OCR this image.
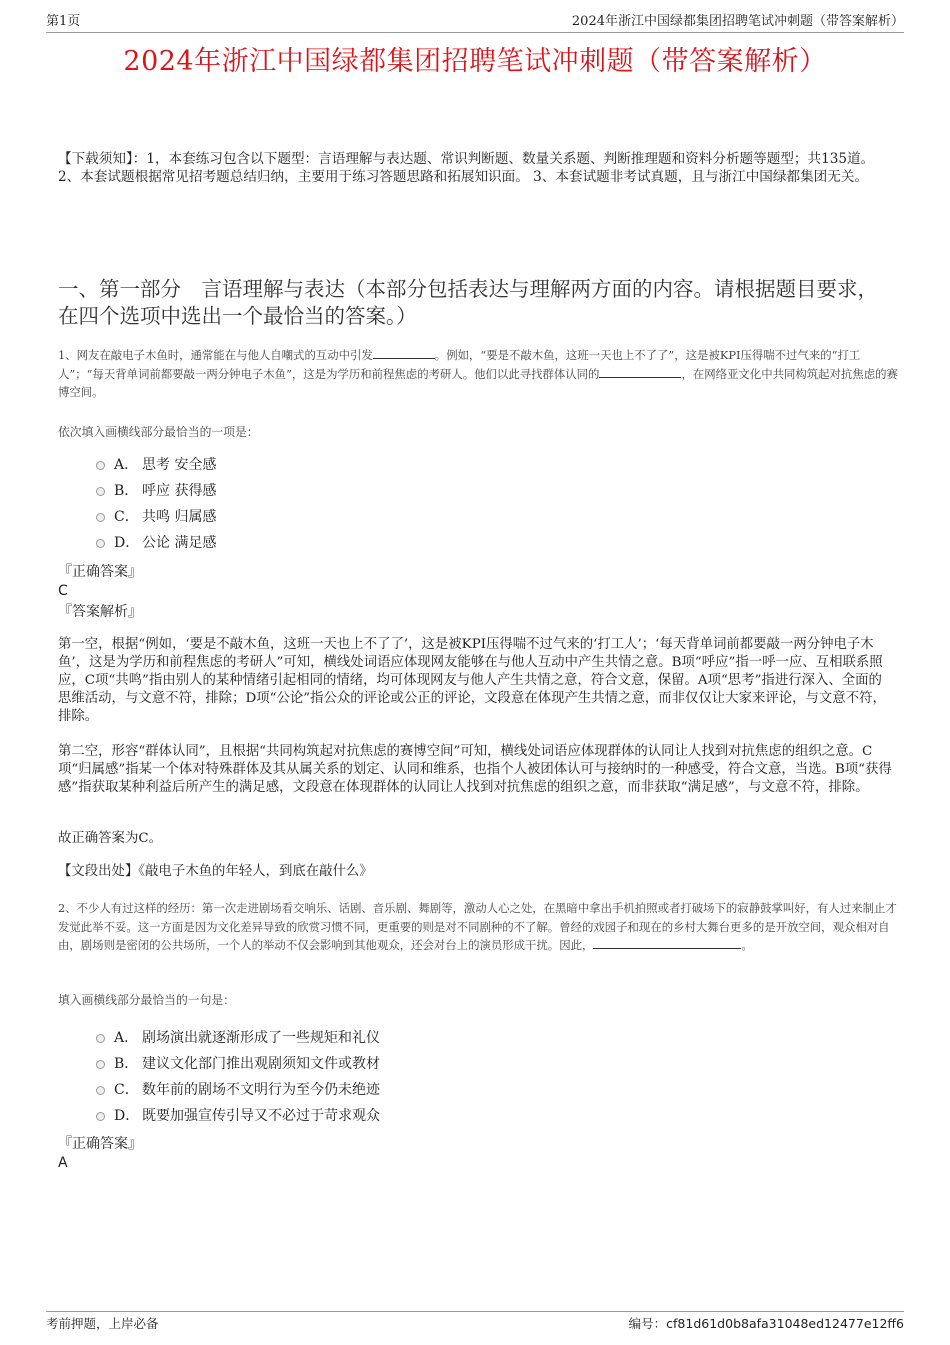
第1页	2024年浙江中国绿都集团招聘笔试冲刺题（带答案解析）
2024年浙江中国绿都集团招聘笔试冲刺题（带答案解析）
【下载须知】：1，本套练习包含以下题型：言语理解与表达题、常识判断题、数量关系题、判断推理题和资料分析题等题型；共135道。 2、本套试题根据常见招考题总结归纳，主要用于练习答题思路和拓展知识面。 3、本套试题非考试真题，且与浙江中国绿都集团无关。
一、第一部分　言语理解与表达（本部分包括表达与理解两方面的内容。请根据题目要求，在四个选项中选出一个最恰当的答案。）
1、网友在敲电子木鱼时，通常能在与他人自嘲式的互动中引发	。例如，“要是不敲木鱼，这班一天也上不了了”，这是被KPI压得喘不过气来的“打工人”；“每天背单词前都要敲一两分钟电子木鱼”，这是为学历和前程焦虑的考研人。他们以此寻找群体认同的	，在网络亚文化中共同构筑起对抗焦虑的赛博空间。
依次填入画横线部分最恰当的一项是：
A． 思考 安全感
B． 呼应 获得感
C． 共鸣 归属感
D． 公论 满足感
『正确答案』
C
『答案解析』
第一空，根据“例如，‘要是不敲木鱼，这班一天也上不了了’，这是被KPI压得喘不过气来的‘打工人’；‘每天背单词前都要敲一两分钟电子木鱼’，这是为学历和前程焦虑的考研人”可知，横线处词语应体现网友能够在与他人互动中产生共情之意。B项“呼应”指一呼一应、互相联系照应，C项“共鸣”指由别人的某种情绪引起相同的情绪，均可体现网友与他人产生共情之意，符合文意，保留。A项“思考”指进行深入、全面的思维活动，与文意不符，排除；D项“公论”指公众的评论或公正的评论，文段意在体现产生共情之意，而非仅仅让大家来评论，与文意不符，排除。
第二空，形容“群体认同”，且根据“共同构筑起对抗焦虑的赛博空间”可知，横线处词语应体现群体的认同让人找到对抗焦虑的组织之意。C项“归属感”指某一个体对特殊群体及其从属关系的划定、认同和维系，也指个人被团体认可与接纳时的一种感受，符合文意，当选。B项“获得感”指获取某种利益后所产生的满足感，文段意在体现群体的认同让人找到对抗焦虑的组织之意，而非获取“满足感”，与文意不符，排除。
故正确答案为C。
【文段出处】《敲电子木鱼的年轻人，到底在敲什么》
2、不少人有过这样的经历：第一次走进剧场看交响乐、话剧、音乐剧、舞剧等，激动人心之处，在黑暗中拿出手机拍照或者打破场下的寂静鼓掌叫好，有人过来制止才发觉此举不妥。这一方面是因为文化差异导致的欣赏习惯不同，更重要的则是对不同剧种的不了解。曾经的戏园子和现在的乡村大舞台更多的是开放空间，观众相对自由，剧场则是密闭的公共场所，一个人的举动不仅会影响到其他观众，还会对台上的演员形成干扰。因此，	。
填入画横线部分最恰当的一句是：
A． 剧场演出就逐渐形成了一些规矩和礼仪
B． 建议文化部门推出观剧须知文件或教材
C． 数年前的剧场不文明行为至今仍未绝迹
D． 既要加强宣传引导又不必过于苛求观众
『正确答案』
A
考前押题，上岸必备	编号：cf81d61d0b8afa31048ed12477e12ff6
